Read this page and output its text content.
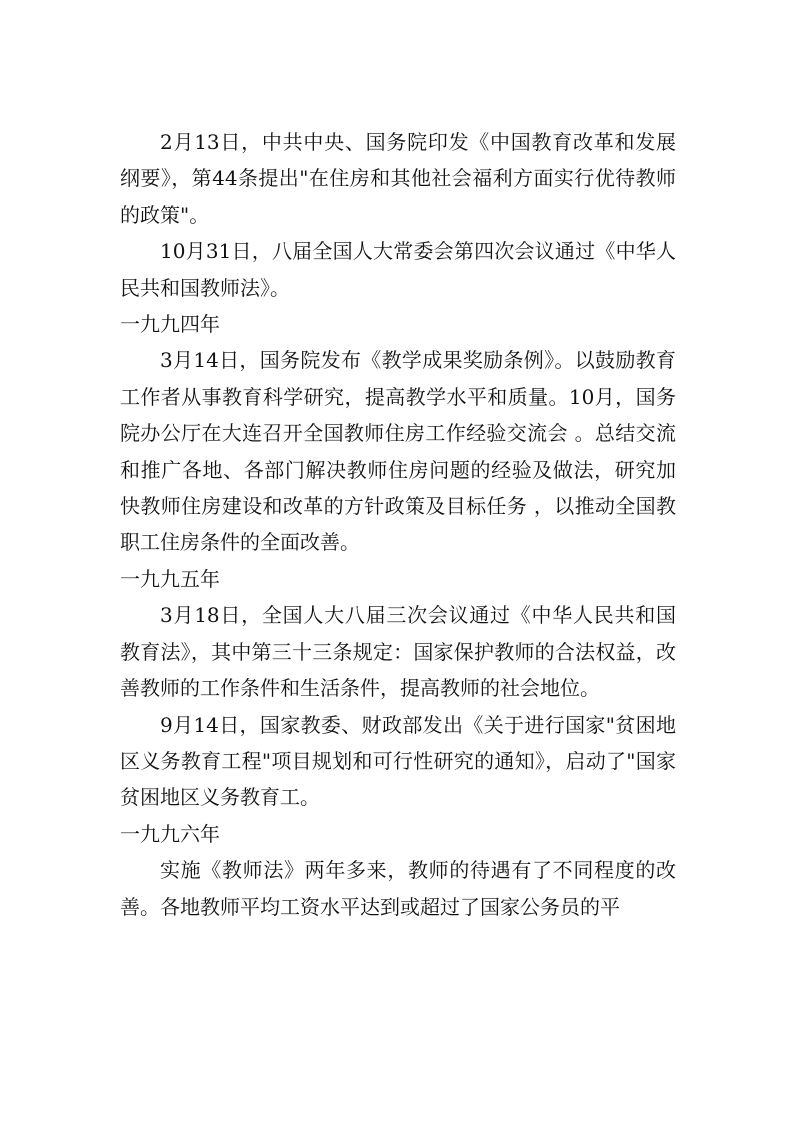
2月13日，中共中央、国务院印发《中国教育改革和发展纲要》，第44条提出"在住房和其他社会福利方面实行优待教师的政策"。

10月31日，八届全国人大常委会第四次会议通过《中华人民共和国教师法》。

一九九四年

3月14日，国务院发布《教学成果奖励条例》。以鼓励教育工作者从事教育科学研究，提高教学水平和质量。10月，国务院办公厅在大连召开全国教师住房工作经验交流会 。总结交流和推广各地、各部门解决教师住房问题的经验及做法，研究加快教师住房建设和改革的方针政策及目标任务 ，以推动全国教职工住房条件的全面改善。

一九九五年

3月18日，全国人大八届三次会议通过《中华人民共和国教育法》，其中第三十三条规定：国家保护教师的合法权益，改善教师的工作条件和生活条件，提高教师的社会地位。

9月14日，国家教委、财政部发出《关于进行国家"贫困地区义务教育工程"项目规划和可行性研究的通知》，启动了"国家贫困地区义务教育工。

一九九六年

实施《教师法》两年多来，教师的待遇有了不同程度的改善。各地教师平均工资水平达到或超过了国家公务员的平
